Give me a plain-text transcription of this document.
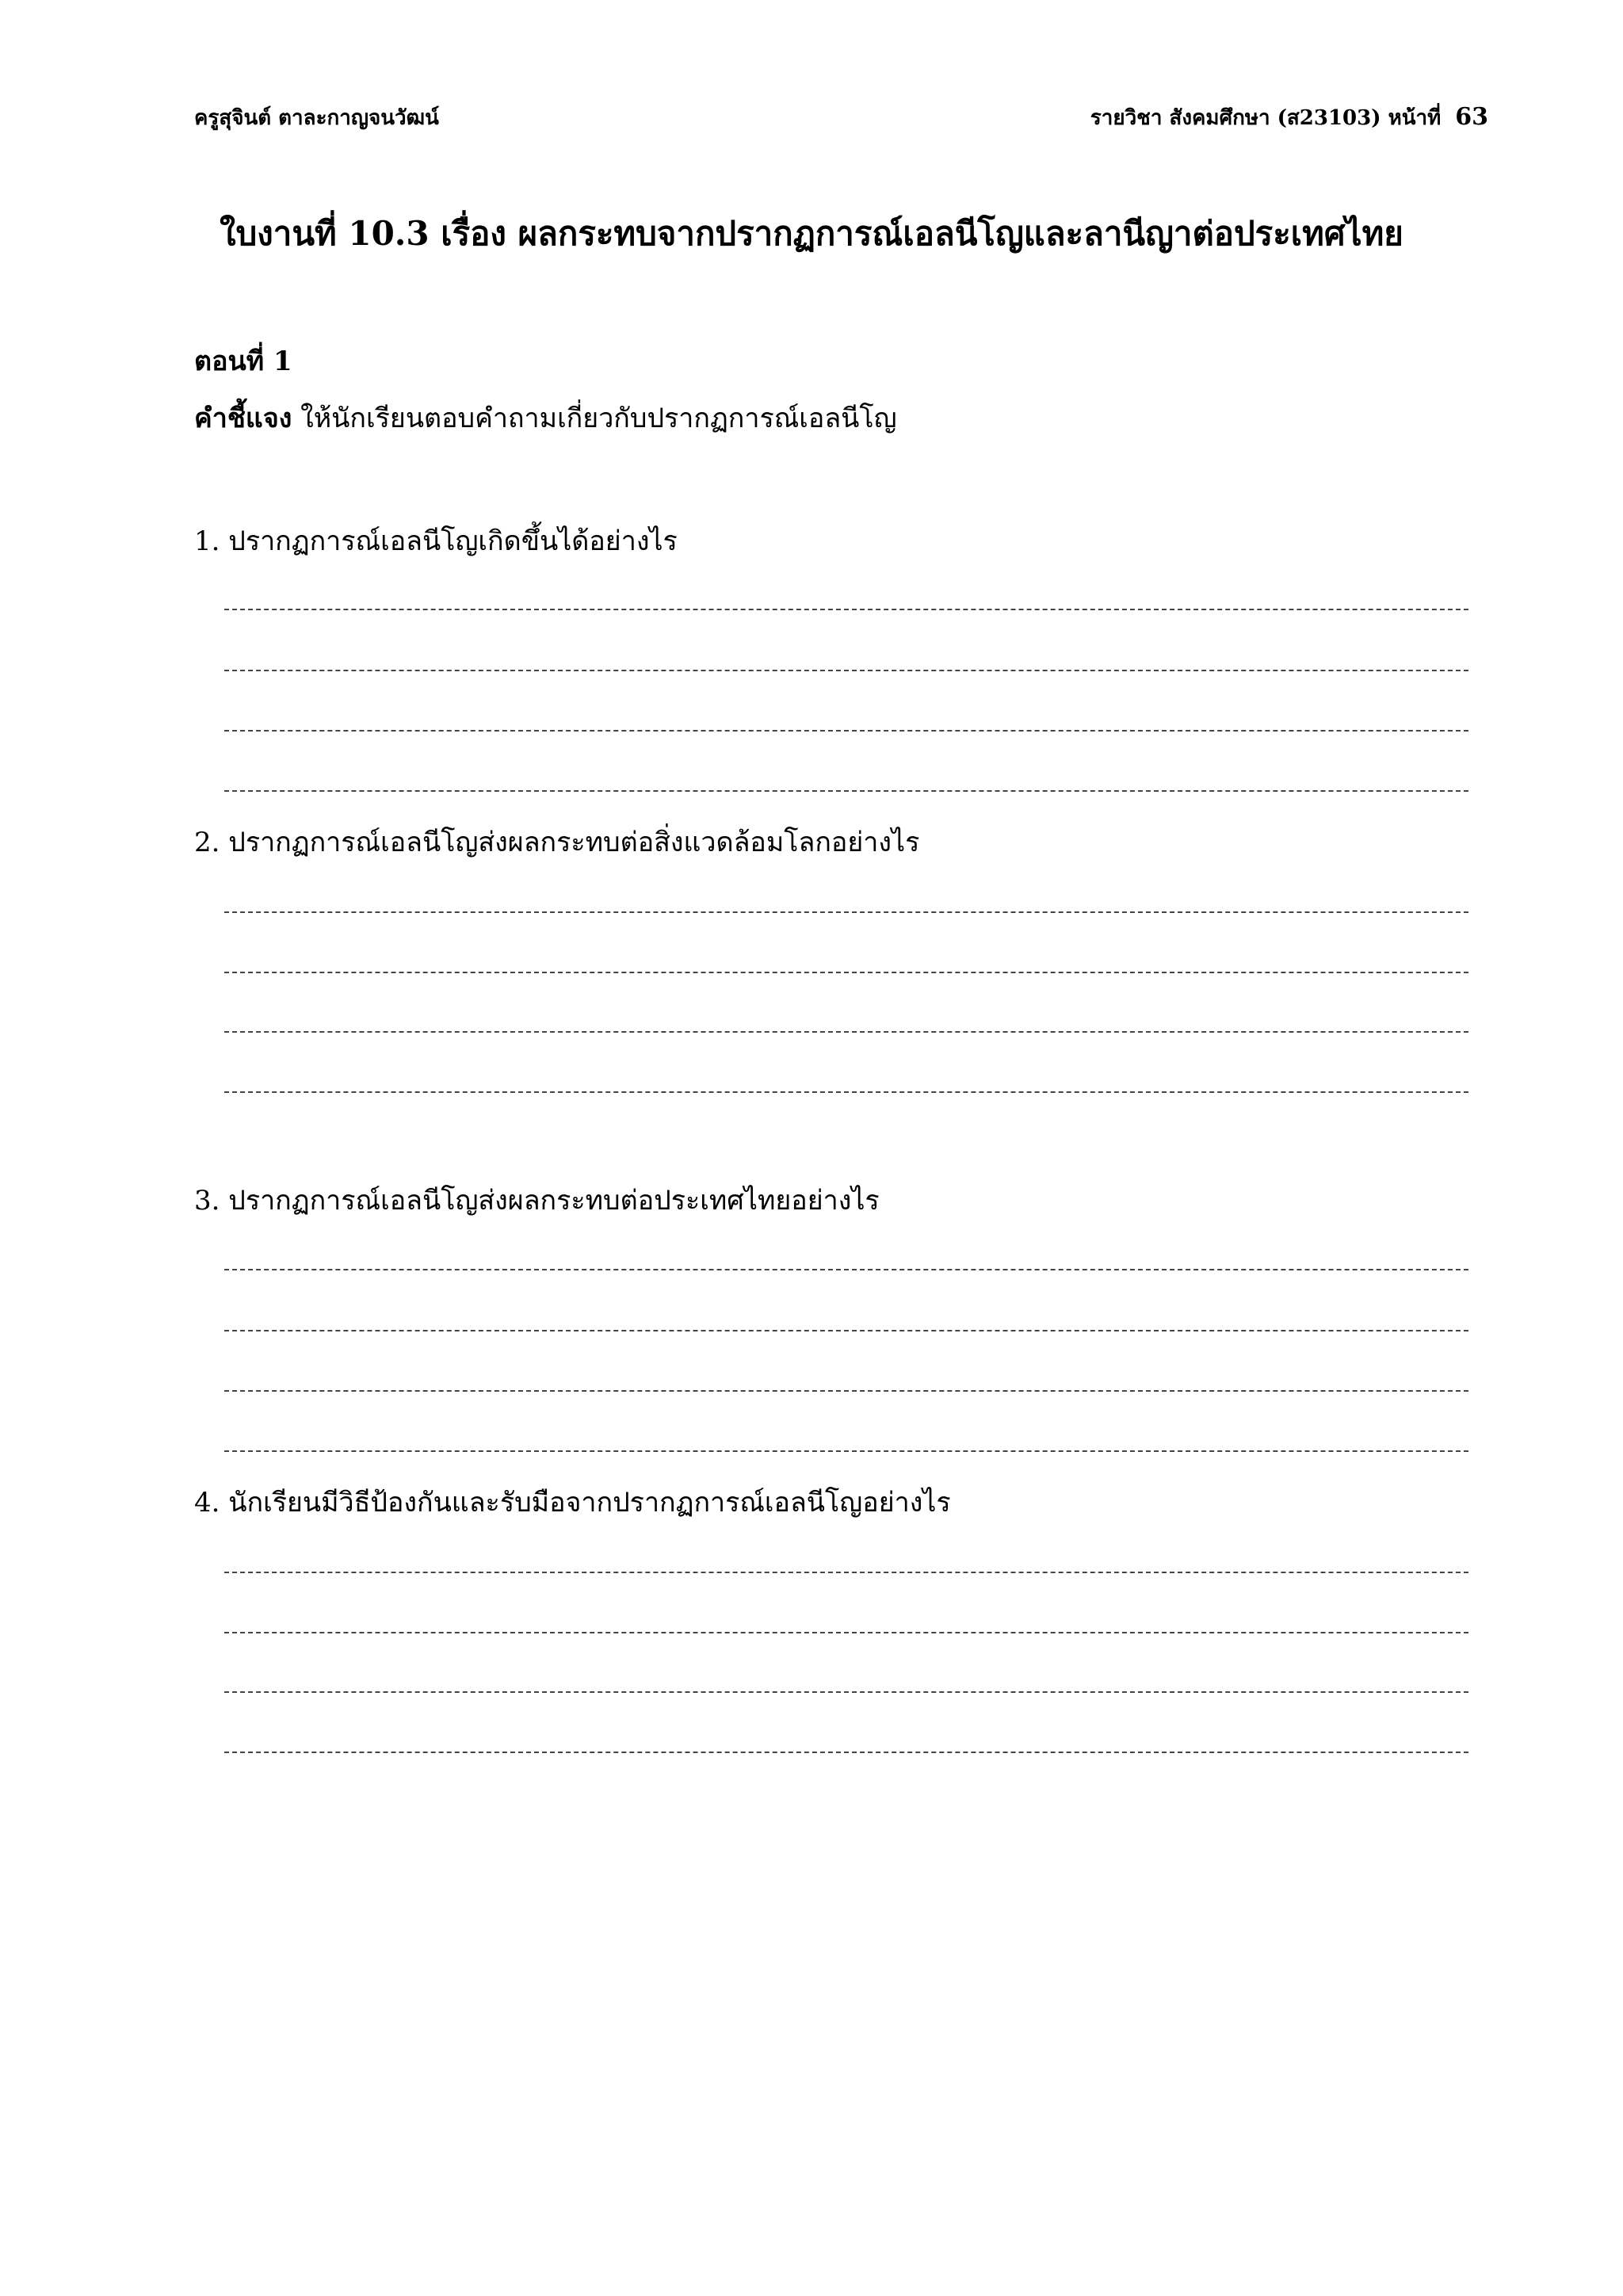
ครูสุจินต์ ตาละกาญจนวัฒน์	รายวิชา สังคมศึกษา (ส23103) หน้าที่ 63
ใบงานที่ 10.3 เรื่อง ผลกระทบจากปรากฏการณ์เอลนีโญและลานีญาต่อประเทศไทย
ตอนที่ 1
คำชี้แจง ให้นักเรียนตอบคำถามเกี่ยวกับปรากฏการณ์เอลนีโญ
1. ปรากฏการณ์เอลนีโญเกิดขึ้นได้อย่างไร
2. ปรากฏการณ์เอลนีโญส่งผลกระทบต่อสิ่งแวดล้อมโลกอย่างไร
3. ปรากฏการณ์เอลนีโญส่งผลกระทบต่อประเทศไทยอย่างไร
4. นักเรียนมีวิธีป้องกันและรับมือจากปรากฏการณ์เอลนีโญอย่างไร
